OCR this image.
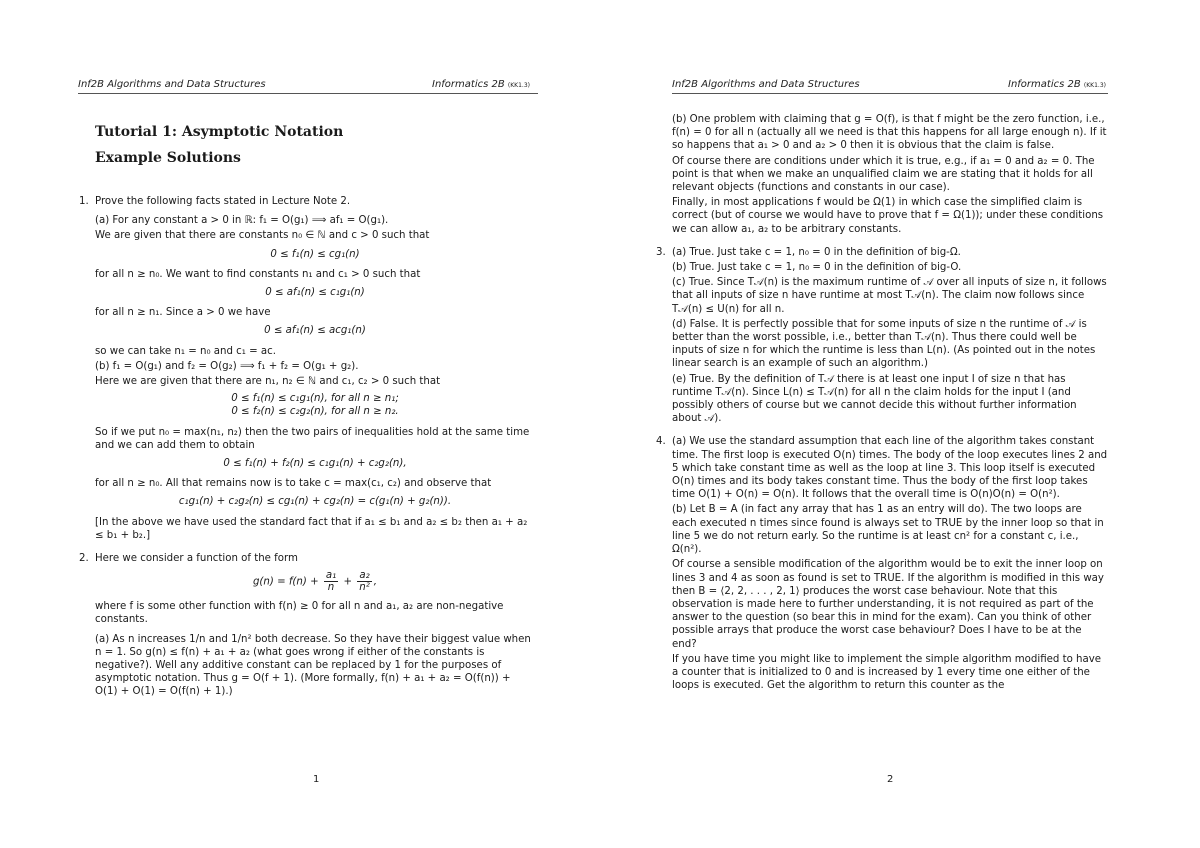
Inf2B Algorithms and Data Structures	Informatics 2B (KK1.3)
Tutorial 1: Asymptotic Notation
Example Solutions
1. Prove the following facts stated in Lecture Note 2.

(a) For any constant a > 0 in ℝ: f₁ = O(g₁) ⟹ af₁ = O(g₁).

We are given that there are constants n₀ ∈ ℕ and c > 0 such that

0 ≤ f₁(n) ≤ cg₁(n)

for all n ≥ n₀. We want to find constants n₁ and c₁ > 0 such that

0 ≤ af₁(n) ≤ c₁g₁(n)

for all n ≥ n₁. Since a > 0 we have

0 ≤ af₁(n) ≤ acg₁(n)

so we can take n₁ = n₀ and c₁ = ac.

(b) f₁ = O(g₁) and f₂ = O(g₂) ⟹ f₁ + f₂ = O(g₁ + g₂).

Here we are given that there are n₁, n₂ ∈ ℕ and c₁, c₂ > 0 such that

0 ≤ f₁(n) ≤ c₁g₁(n), for all n ≥ n₁;
0 ≤ f₂(n) ≤ c₂g₂(n), for all n ≥ n₂.

So if we put n₀ = max(n₁, n₂) then the two pairs of inequalities hold at the same time and we can add them to obtain

0 ≤ f₁(n) + f₂(n) ≤ c₁g₁(n) + c₂g₂(n),

for all n ≥ n₀. All that remains now is to take c = max(c₁, c₂) and observe that

c₁g₁(n) + c₂g₂(n) ≤ cg₁(n) + cg₂(n) = c(g₁(n) + g₂(n)).

[In the above we have used the standard fact that if a₁ ≤ b₁ and a₂ ≤ b₂ then a₁ + a₂ ≤ b₁ + b₂.]

2. Here we consider a function of the form

$g(n) = f(n) + \frac{\text{a₁}}{n} + \frac{\text{a₂}}{\text{n²}}$ ,

where f is some other function with f(n) ≥ 0 for all n and a₁, a₂ are non-negative constants.

(a) As n increases 1/n and 1/n² both decrease. So they have their biggest value when n = 1. So g(n) ≤ f(n) + a₁ + a₂ (what goes wrong if either of the constants is negative?). Well any additive constant can be replaced by 1 for the purposes of asymptotic notation. Thus g = O(f + 1). (More formally, f(n) + a₁ + a₂ = O(f(n)) + O(1) + O(1) = O(f(n) + 1).)

1
Inf2B Algorithms and Data Structures	Informatics 2B (KK1.3)

(b) One problem with claiming that g = O(f), is that f might be the zero function, i.e., f(n) = 0 for all n (actually all we need is that this happens for all large enough n). If it so happens that a₁ > 0 and a₂ > 0 then it is obvious that the claim is false.

Of course there are conditions under which it is true, e.g., if a₁ = 0 and a₂ = 0. The point is that when we make an unqualified claim we are stating that it holds for all relevant objects (functions and constants in our case).

Finally, in most applications f would be Ω(1) in which case the simplified claim is correct (but of course we would have to prove that f = Ω(1)); under these conditions we can allow a₁, a₂ to be arbitrary constants.

3. (a) True. Just take c = 1, n₀ = 0 in the definition of big-Ω.

(b) True. Just take c = 1, n₀ = 0 in the definition of big-O.

(c) True. Since T𝒜(n) is the maximum runtime of 𝒜 over all inputs of size n, it follows that all inputs of size n have runtime at most T𝒜(n). The claim now follows since T𝒜(n) ≤ U(n) for all n.

(d) False. It is perfectly possible that for some inputs of size n the runtime of 𝒜 is better than the worst possible, i.e., better than T𝒜(n). Thus there could well be inputs of size n for which the runtime is less than L(n). (As pointed out in the notes linear search is an example of such an algorithm.)

(e) True. By the definition of T𝒜 there is at least one input I of size n that has runtime T𝒜(n). Since L(n) ≤ T𝒜(n) for all n the claim holds for the input I (and possibly others of course but we cannot decide this without further information about 𝒜).

4. (a) We use the standard assumption that each line of the algorithm takes constant time. The first loop is executed O(n) times. The body of the loop executes lines 2 and 5 which take constant time as well as the loop at line 3. This loop itself is executed O(n) times and its body takes constant time. Thus the body of the first loop takes time O(1) + O(n) = O(n). It follows that the overall time is O(n)O(n) = O(n²).

(b) Let B = A (in fact any array that has 1 as an entry will do). The two loops are each executed n times since found is always set to TRUE by the inner loop so that in line 5 we do not return early. So the runtime is at least cn² for a constant c, i.e., Ω(n²).

Of course a sensible modification of the algorithm would be to exit the inner loop on lines 3 and 4 as soon as found is set to TRUE. If the algorithm is modified in this way then B = ⟨2, 2, . . . , 2, 1⟩ produces the worst case behaviour. Note that this observation is made here to further understanding, it is not required as part of the answer to the question (so bear this in mind for the exam). Can you think of other possible arrays that produce the worst case behaviour? Does I have to be at the end?

If you have time you might like to implement the simple algorithm modified to have a counter that is initialized to 0 and is increased by 1 every time one either of the loops is executed. Get the algorithm to return this counter as the

2
